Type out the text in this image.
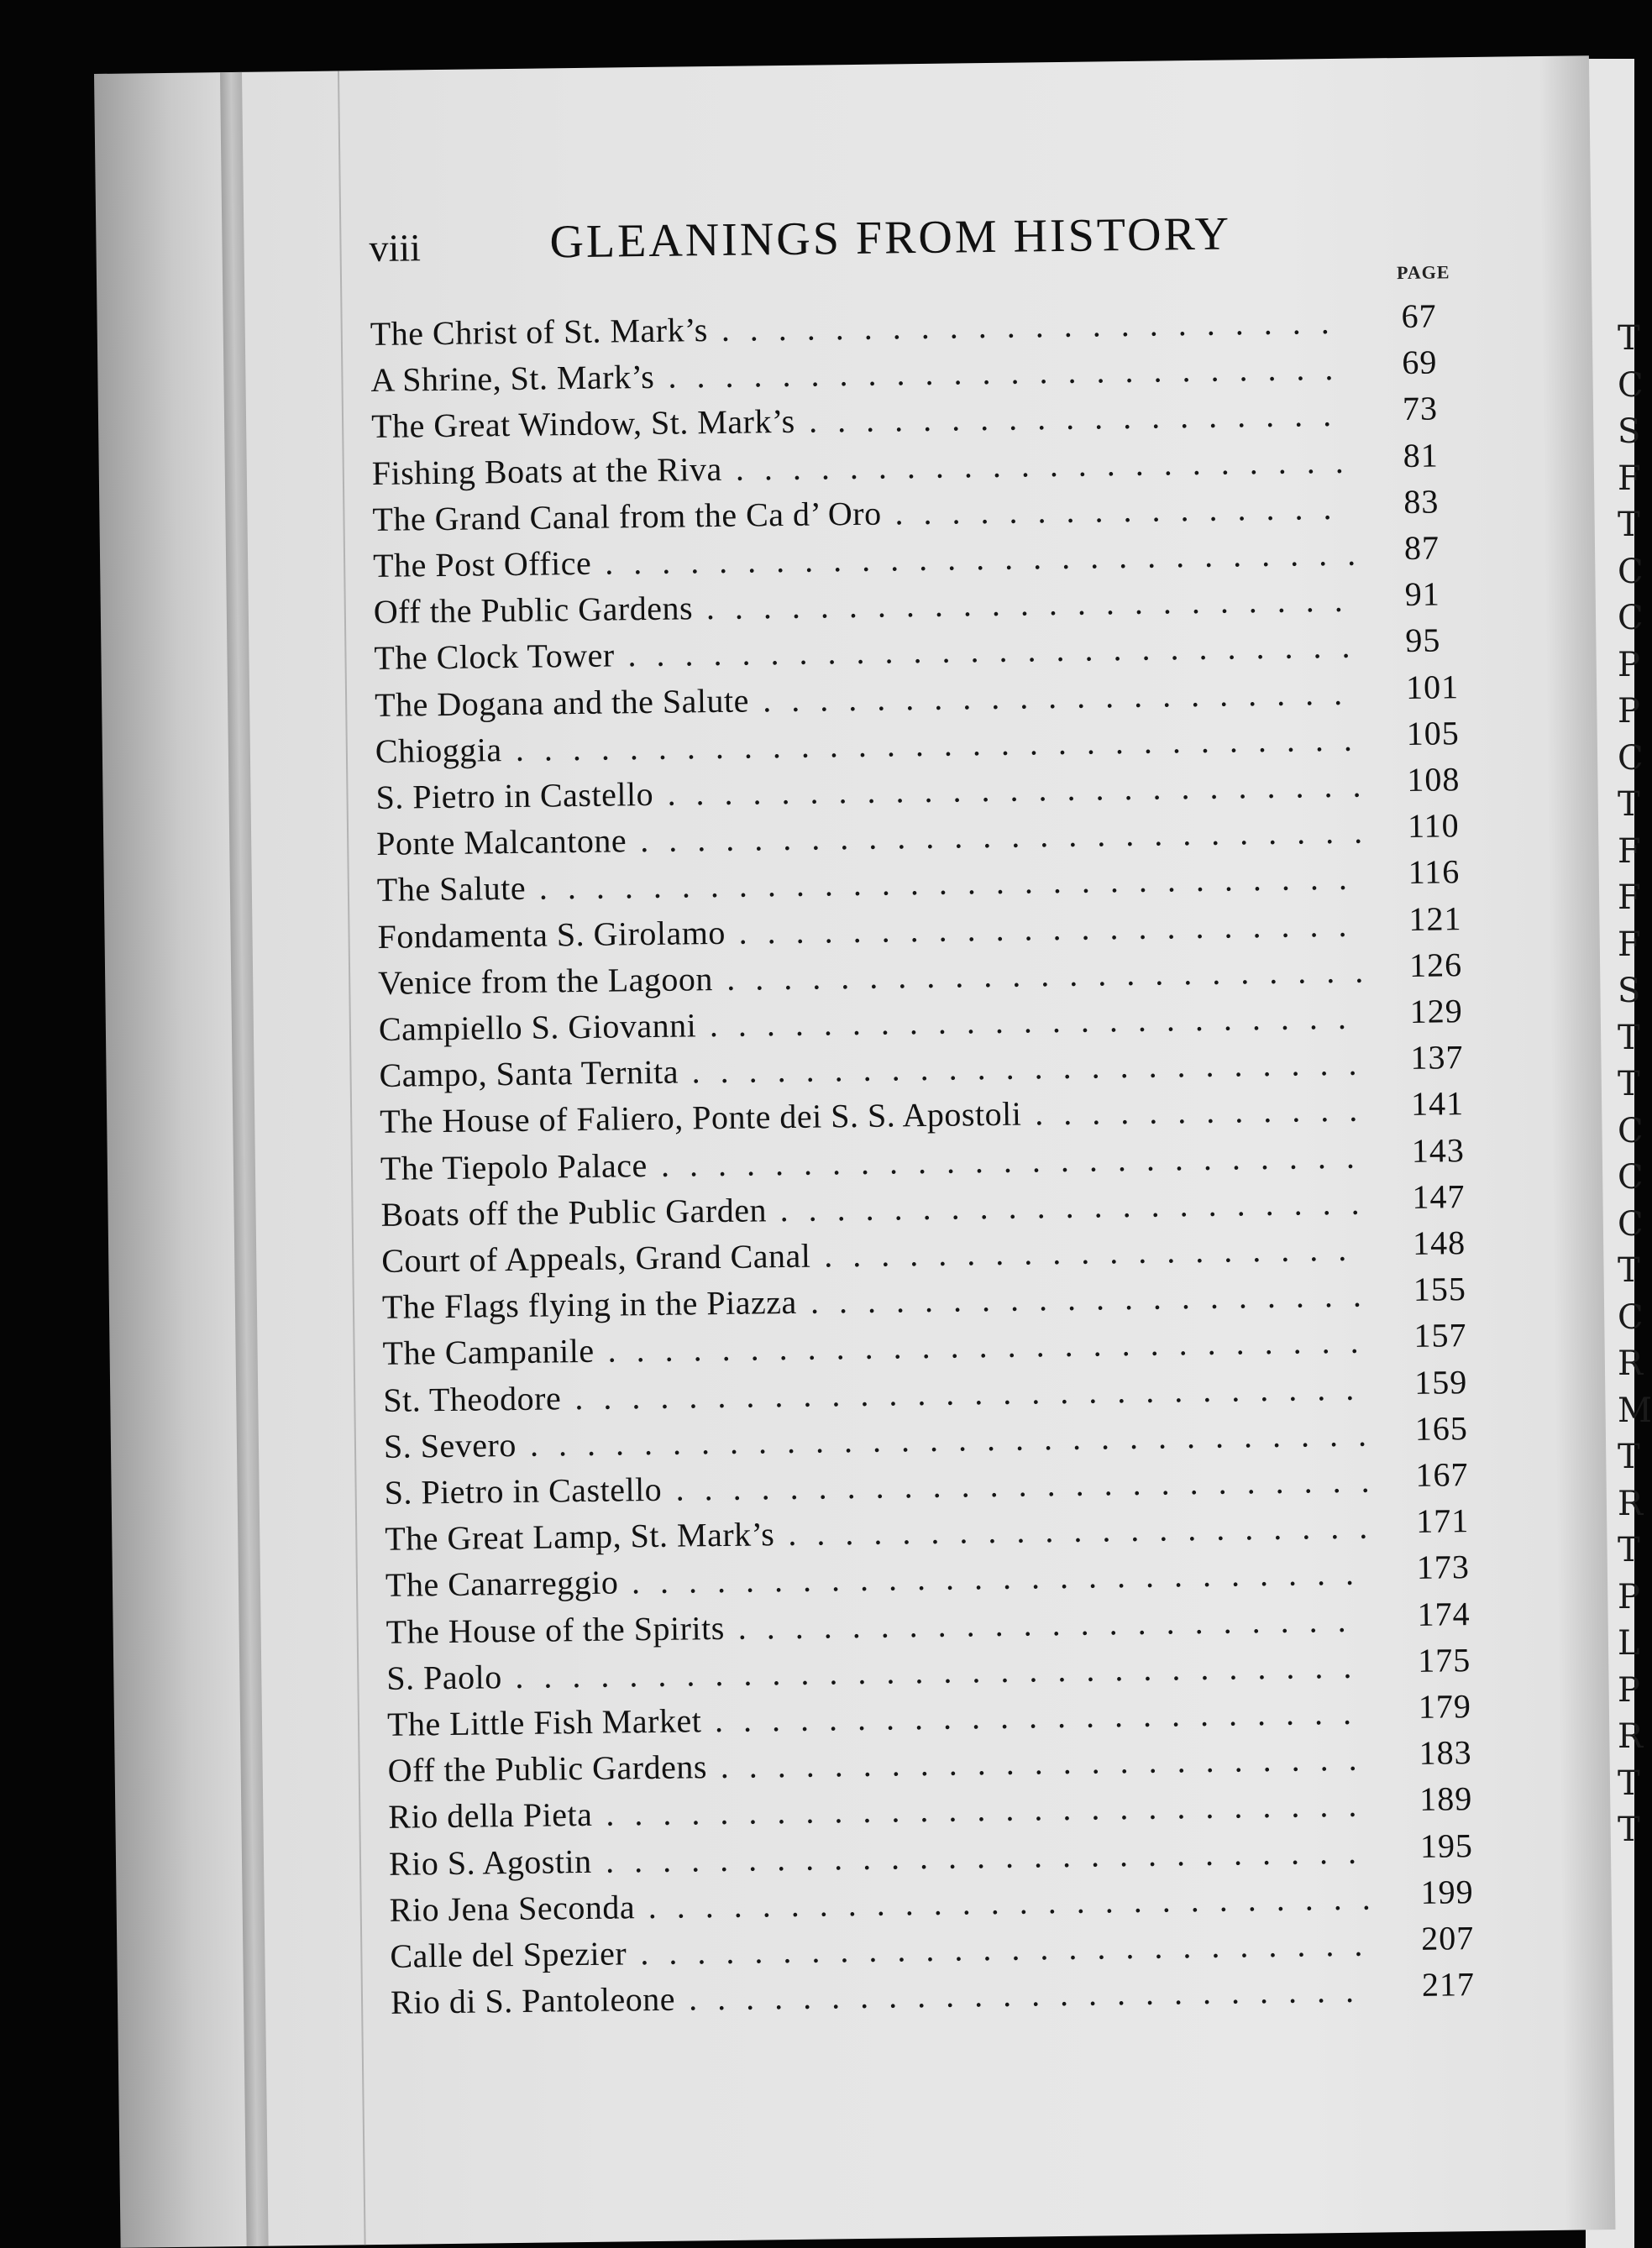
T
C
S
F
T
C
C
P
P
C
T
F
F
F
S
T
T
C
C
C
T
C
R
M
T
R
T
P
L
P
R
T
T
viii	GLEANINGS FROM HISTORY
PAGE
The Christ of St. Mark’s ...................... 67
A Shrine, St. Mark’s ........................ 69
The Great Window, St. Mark’s ................... 73
Fishing Boats at the Riva ...................... 81
The Grand Canal from the Ca d’ Oro ................ 83
The Post Office ........................... 87
Off the Public Gardens ....................... 91
The Clock Tower .......................... 95
The Dogana and the Salute ..................... 101
Chioggia .............................. 105
S. Pietro in Castello ......................... 108
Ponte Malcantone .......................... 110
The Salute ............................. 116
Fondamenta S. Girolamo ...................... 121
Venice from the Lagoon ....................... 126
Campiello S. Giovanni ....................... 129
Campo, Santa Ternita ........................ 137
The House of Faliero, Ponte dei S. S. Apostoli ............ 141
The Tiepolo Palace ......................... 143
Boats off the Public Garden ..................... 147
Court of Appeals, Grand Canal ................... 148
The Flags flying in the Piazza .................... 155
The Campanile ........................... 157
St. Theodore ............................ 159
S. Severo .............................. 165
S. Pietro in Castello ......................... 167
The Great Lamp, St. Mark’s ..................... 171
The Canarreggio .......................... 173
The House of the Spirits ...................... 174
S. Paolo .............................. 175
The Little Fish Market ....................... 179
Off the Public Gardens ....................... 183
Rio della Pieta ........................... 189
Rio S. Agostin ........................... 195
Rio Jena Seconda .......................... 199
Calle del Spezier .......................... 207
Rio di S. Pantoleone ........................ 217
